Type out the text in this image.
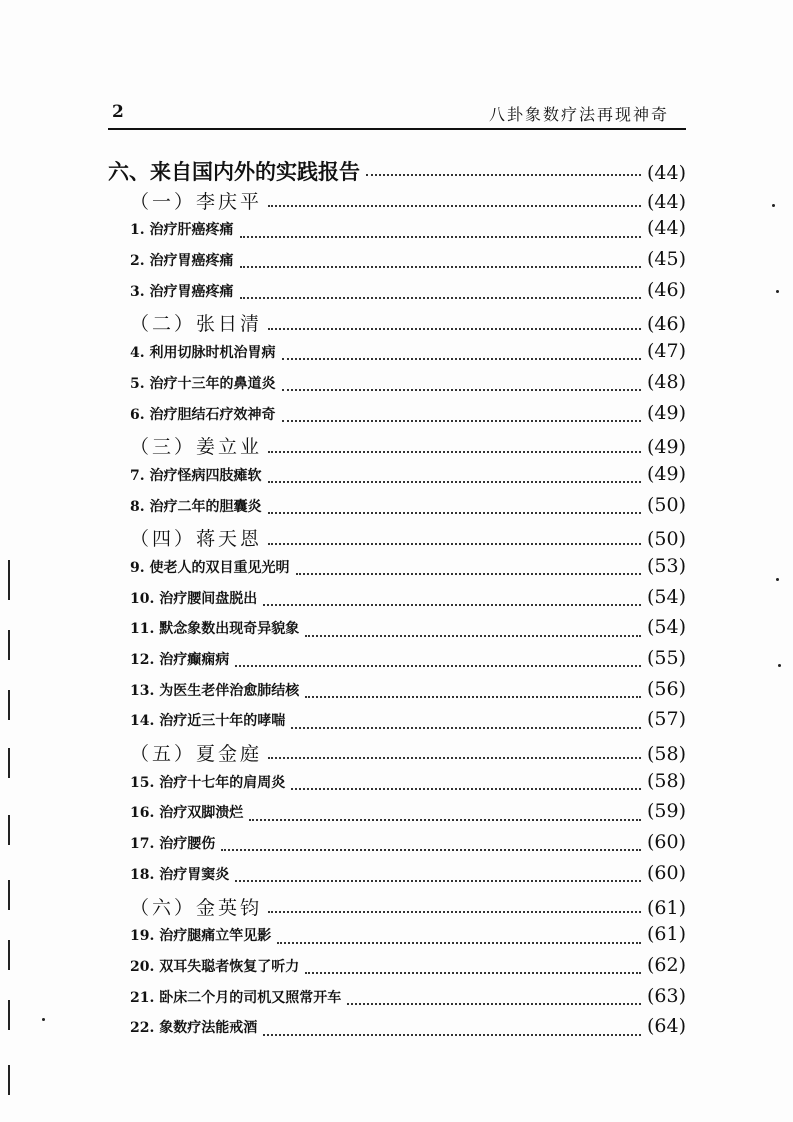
2	八卦象数疗法再现神奇
六、来自国内外的实践报告	(44)
（一）李庆平	(44)
1. 治疗肝癌疼痛	(44)
2. 治疗胃癌疼痛	(45)
3. 治疗胃癌疼痛	(46)
（二）张日清	(46)
4. 利用切脉时机治胃病	(47)
5. 治疗十三年的鼻道炎	(48)
6. 治疗胆结石疗效神奇	(49)
（三）姜立业	(49)
7. 治疗怪病四肢瘫软	(49)
8. 治疗二年的胆囊炎	(50)
（四）蒋天恩	(50)
9. 使老人的双目重见光明	(53)
10. 治疗腰间盘脱出	(54)
11. 默念象数出现奇异貌象	(54)
12. 治疗癫痫病	(55)
13. 为医生老伴治愈肺结核	(56)
14. 治疗近三十年的哮喘	(57)
（五）夏金庭	(58)
15. 治疗十七年的肩周炎	(58)
16. 治疗双脚溃烂	(59)
17. 治疗腰伤	(60)
18. 治疗胃窦炎	(60)
（六）金英钧	(61)
19. 治疗腿痛立竿见影	(61)
20. 双耳失聪者恢复了听力	(62)
21. 卧床二个月的司机又照常开车	(63)
22. 象数疗法能戒酒	(64)
